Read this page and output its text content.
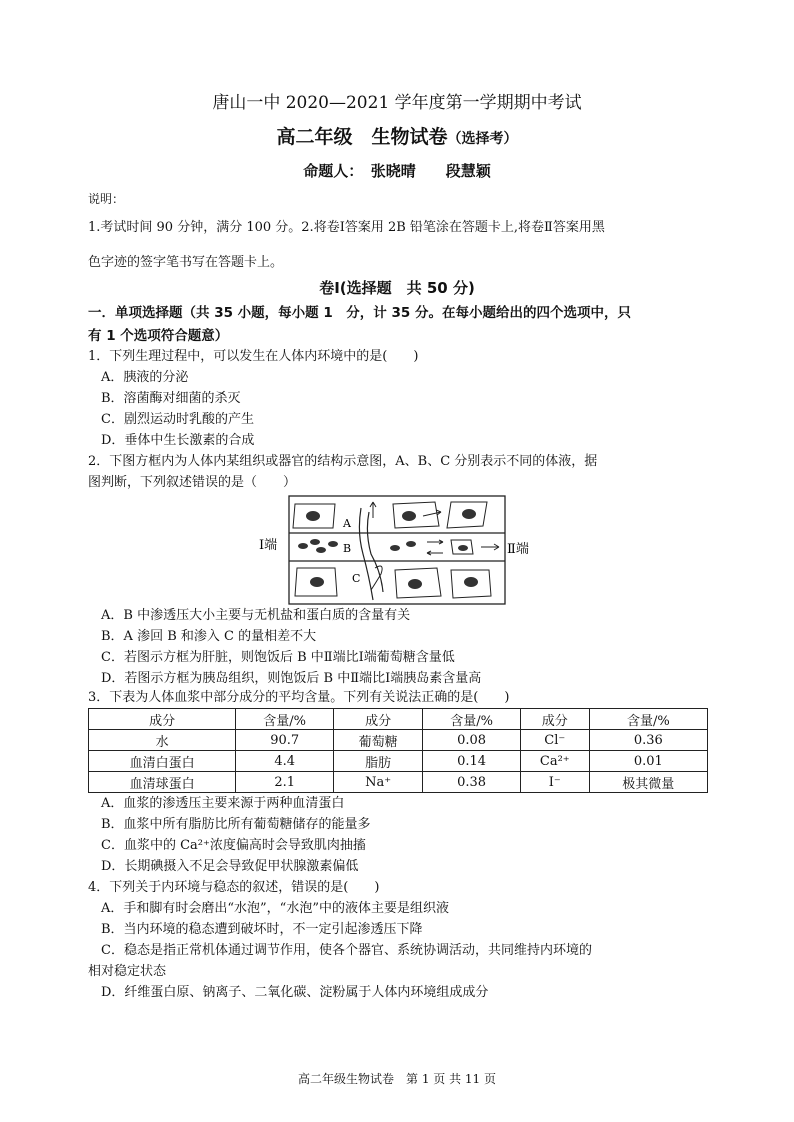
唐山一中 2020—2021 学年度第一学期期中考试
高二年级　生物试卷（选择考）
命题人：　张晓晴　　段慧颖
说明：
1.考试时间 90 分钟，满分 100 分。2.将卷Ⅰ答案用 2B 铅笔涂在答题卡上,将卷Ⅱ答案用黑
色字迹的签字笔书写在答题卡上。
卷Ⅰ(选择题　共 50 分)
一．单项选择题（共 35 小题，每小题 1　分，计 35 分。在每小题给出的四个选项中，只
有 1 个选项符合题意）
1．下列生理过程中，可以发生在人体内环境中的是(　　)
A．胰液的分泌
B．溶菌酶对细菌的杀灭
C．剧烈运动时乳酸的产生
D．垂体中生长激素的合成
2．下图方框内为人体内某组织或器官的结构示意图，A、B、C 分别表示不同的体液，据
图判断，下列叙述错误的是（　　）
Ⅰ端	Ⅱ端
A
B
C
A．B 中渗透压大小主要与无机盐和蛋白质的含量有关
B．A 渗回 B 和渗入 C 的量相差不大
C．若图示方框为肝脏，则饱饭后 B 中Ⅱ端比Ⅰ端葡萄糖含量低
D．若图示方框为胰岛组织，则饱饭后 B 中Ⅱ端比Ⅰ端胰岛素含量高
3．下表为人体血浆中部分成分的平均含量。下列有关说法正确的是(　　)
成分	含量/%	成分	含量/%	成分	含量/%
水	90.7	葡萄糖	0.08	Cl⁻	0.36
血清白蛋白	4.4	脂肪	0.14	Ca²⁺	0.01
血清球蛋白	2.1	Na⁺	0.38	I⁻	极其微量
A．血浆的渗透压主要来源于两种血清蛋白
B．血浆中所有脂肪比所有葡萄糖储存的能量多
C．血浆中的 Ca²⁺浓度偏高时会导致肌肉抽搐
D．长期碘摄入不足会导致促甲状腺激素偏低
4．下列关于内环境与稳态的叙述，错误的是(　　)
A．手和脚有时会磨出“水泡”，“水泡”中的液体主要是组织液
B．当内环境的稳态遭到破坏时，不一定引起渗透压下降
C．稳态是指正常机体通过调节作用，使各个器官、系统协调活动，共同维持内环境的
相对稳定状态
D．纤维蛋白原、钠离子、二氧化碳、淀粉属于人体内环境组成成分
高二年级生物试卷　第 1 页 共 11 页
